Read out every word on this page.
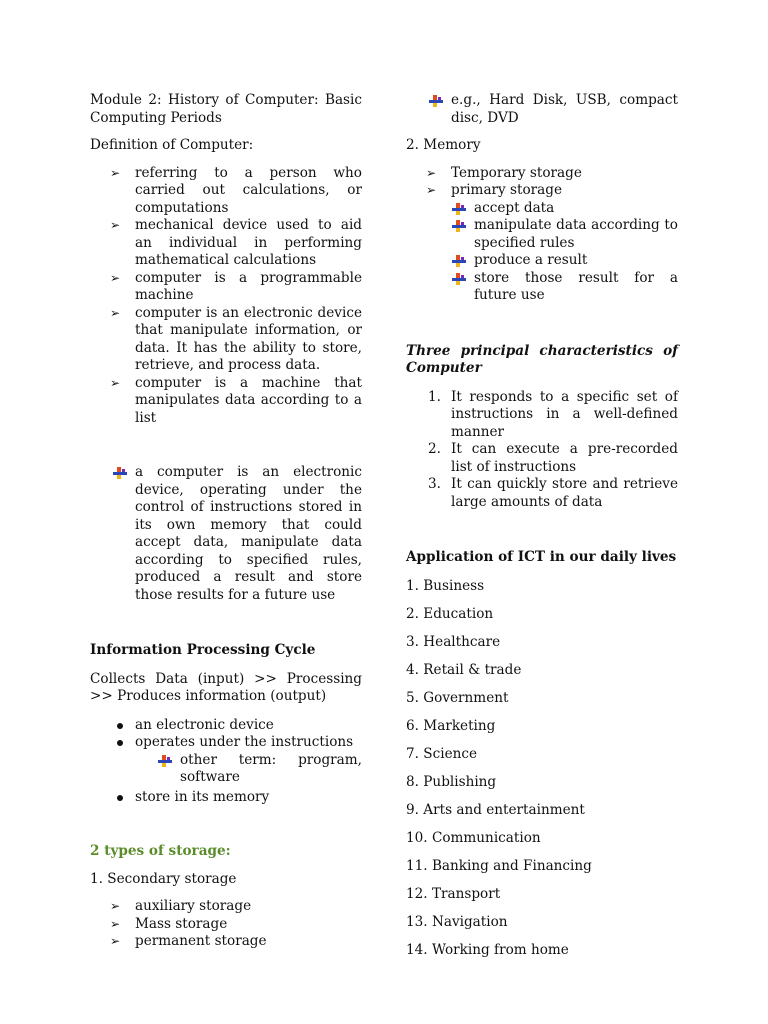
Module 2: History of Computer: Basic Computing Periods

Definition of Computer:

➢ referring to a person who carried out calculations, or computations
➢ mechanical device used to aid an individual in performing mathematical calculations
➢ computer is a programmable machine
➢ computer is an electronic device that manipulate information, or data. It has the ability to store, retrieve, and process data.
➢ computer is a machine that manipulates data according to a list
a computer is an electronic device, operating under the control of instructions stored in its own memory that could accept data, manipulate data according to specified rules, produced a result and store those results for a future use

Information Processing Cycle

Collects Data (input) >> Processing >> Produces information (output)

an electronic device
operates under the instructions
other term: program, software
store in its memory

2 types of storage:

1. Secondary storage

➢ auxiliary storage
➢ Mass storage
➢ permanent storage
e.g., Hard Disk, USB, compact disc, DVD

2. Memory

➢ Temporary storage
➢ primary storage
accept data
manipulate data according to specified rules
produce a result
store those result for a future use

Three principal characteristics of Computer

1. It responds to a specific set of instructions in a well-defined manner
2. It can execute a pre-recorded list of instructions
3. It can quickly store and retrieve large amounts of data

Application of ICT in our daily lives

1. Business

2. Education

3. Healthcare

4. Retail & trade

5. Government

6. Marketing

7. Science

8. Publishing

9. Arts and entertainment

10. Communication

11. Banking and Financing

12. Transport

13. Navigation

14. Working from home
